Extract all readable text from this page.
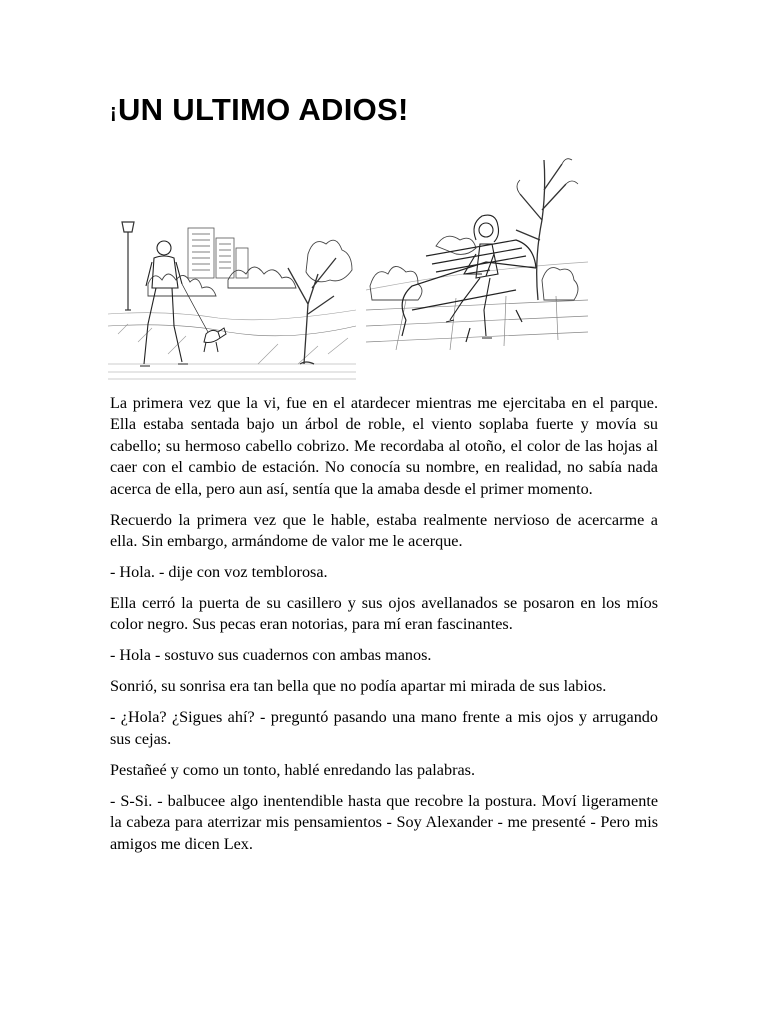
¡UN ULTIMO ADIOS!

La primera vez que la vi, fue en el atardecer mientras me ejercitaba en el parque. Ella estaba sentada bajo un árbol de roble, el viento soplaba fuerte y movía su cabello; su hermoso cabello cobrizo. Me recordaba al otoño, el color de las hojas al caer con el cambio de estación. No conocía su nombre, en realidad, no sabía nada acerca de ella, pero aun así, sentía que la amaba desde el primer momento.

Recuerdo la primera vez que le hable, estaba realmente nervioso de acercarme a ella. Sin embargo, armándome de valor me le acerque.

- Hola. - dije con voz temblorosa.

Ella cerró la puerta de su casillero y sus ojos avellanados se posaron en los míos color negro. Sus pecas eran notorias, para mí eran fascinantes.

- Hola - sostuvo sus cuadernos con ambas manos.

Sonrió, su sonrisa era tan bella que no podía apartar mi mirada de sus labios.

- ¿Hola? ¿Sigues ahí? - preguntó pasando una mano frente a mis ojos y arrugando sus cejas.

Pestañeé y como un tonto, hablé enredando las palabras.

- S-Si. - balbucee algo inentendible hasta que recobre la postura. Moví ligeramente la cabeza para aterrizar mis pensamientos - Soy Alexander - me presenté - Pero mis amigos me dicen Lex.
